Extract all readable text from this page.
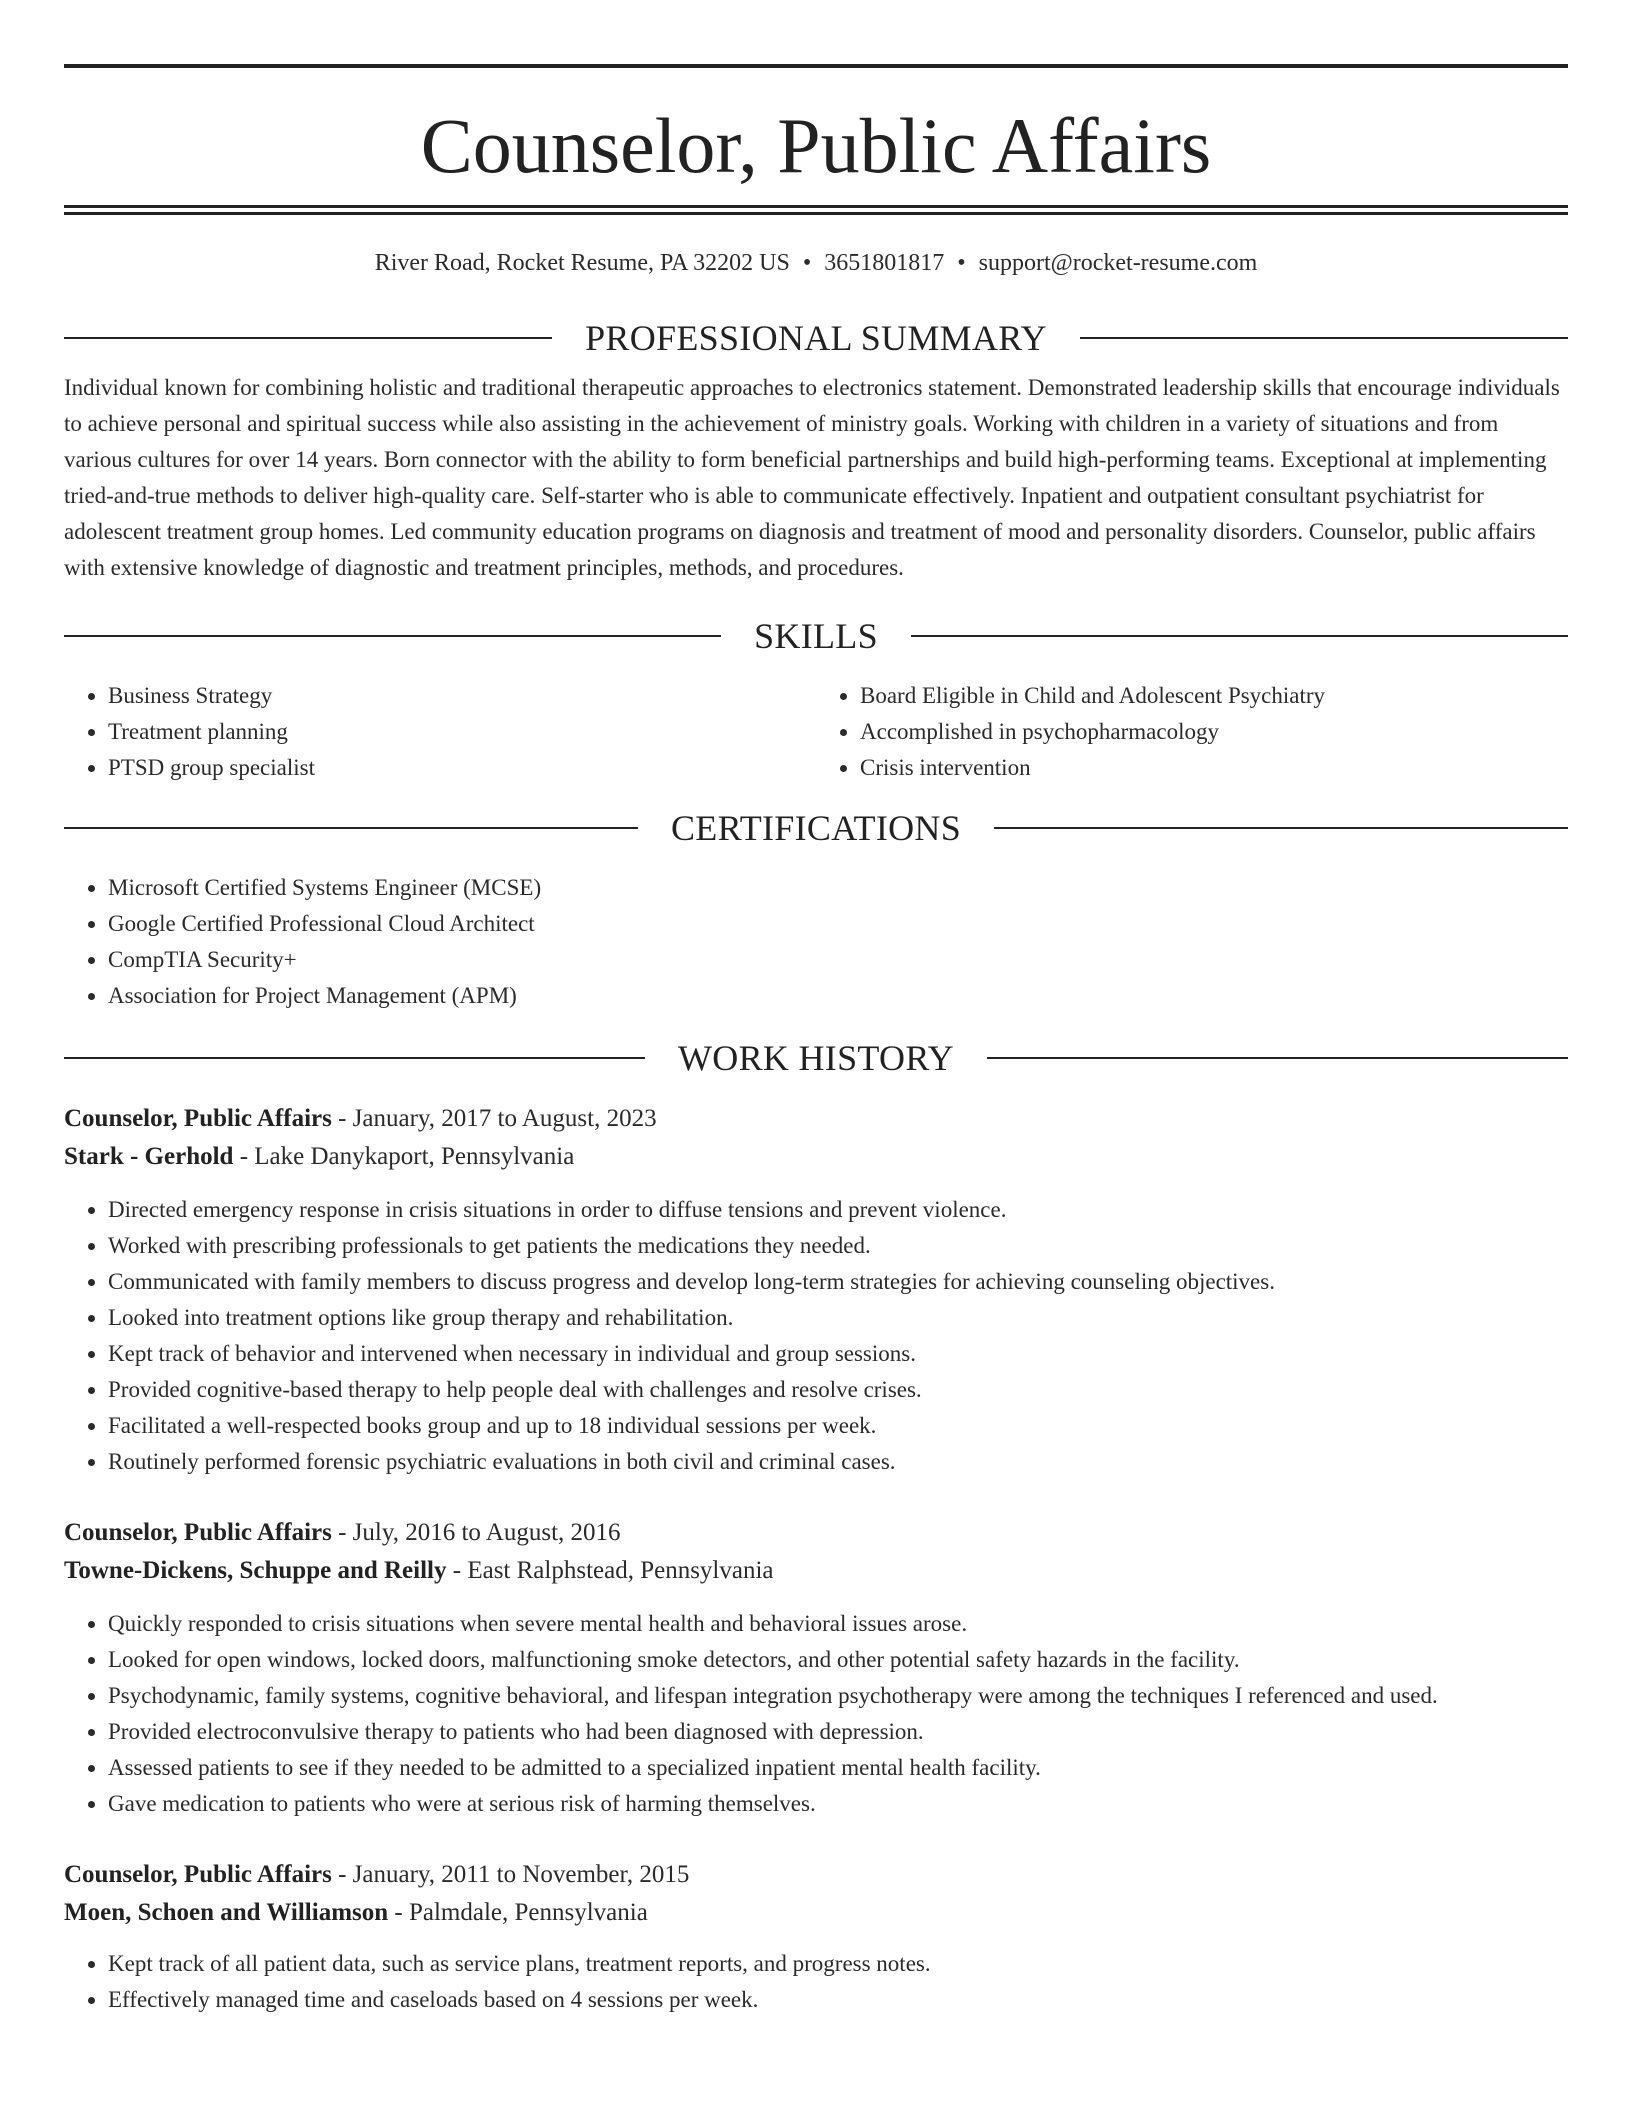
Counselor, Public Affairs
River Road, Rocket Resume, PA 32202 US • 3651801817 • support@rocket-resume.com
PROFESSIONAL SUMMARY

Individual known for combining holistic and traditional therapeutic approaches to electronics statement. Demonstrated leadership skills that encourage individuals to achieve personal and spiritual success while also assisting in the achievement of ministry goals. Working with children in a variety of situations and from various cultures for over 14 years. Born connector with the ability to form beneficial partnerships and build high-performing teams. Exceptional at implementing tried-and-true methods to deliver high-quality care. Self-starter who is able to communicate effectively. Inpatient and outpatient consultant psychiatrist for adolescent treatment group homes. Led community education programs on diagnosis and treatment of mood and personality disorders. Counselor, public affairs with extensive knowledge of diagnostic and treatment principles, methods, and procedures.

SKILLS
• Business Strategy
• Treatment planning
• PTSD group specialist
• Board Eligible in Child and Adolescent Psychiatry
• Accomplished in psychopharmacology
• Crisis intervention
CERTIFICATIONS
• Microsoft Certified Systems Engineer (MCSE)
• Google Certified Professional Cloud Architect
• CompTIA Security+
• Association for Project Management (APM)
WORK HISTORY
Counselor, Public Affairs - January, 2017 to August, 2023
Stark - Gerhold - Lake Danykaport, Pennsylvania
• Directed emergency response in crisis situations in order to diffuse tensions and prevent violence.
• Worked with prescribing professionals to get patients the medications they needed.
• Communicated with family members to discuss progress and develop long-term strategies for achieving counseling objectives.
• Looked into treatment options like group therapy and rehabilitation.
• Kept track of behavior and intervened when necessary in individual and group sessions.
• Provided cognitive-based therapy to help people deal with challenges and resolve crises.
• Facilitated a well-respected books group and up to 18 individual sessions per week.
• Routinely performed forensic psychiatric evaluations in both civil and criminal cases.
Counselor, Public Affairs - July, 2016 to August, 2016
Towne-Dickens, Schuppe and Reilly - East Ralphstead, Pennsylvania
• Quickly responded to crisis situations when severe mental health and behavioral issues arose.
• Looked for open windows, locked doors, malfunctioning smoke detectors, and other potential safety hazards in the facility.
• Psychodynamic, family systems, cognitive behavioral, and lifespan integration psychotherapy were among the techniques I referenced and used.
• Provided electroconvulsive therapy to patients who had been diagnosed with depression.
• Assessed patients to see if they needed to be admitted to a specialized inpatient mental health facility.
• Gave medication to patients who were at serious risk of harming themselves.
Counselor, Public Affairs - January, 2011 to November, 2015
Moen, Schoen and Williamson - Palmdale, Pennsylvania
• Kept track of all patient data, such as service plans, treatment reports, and progress notes.
• Effectively managed time and caseloads based on 4 sessions per week.
